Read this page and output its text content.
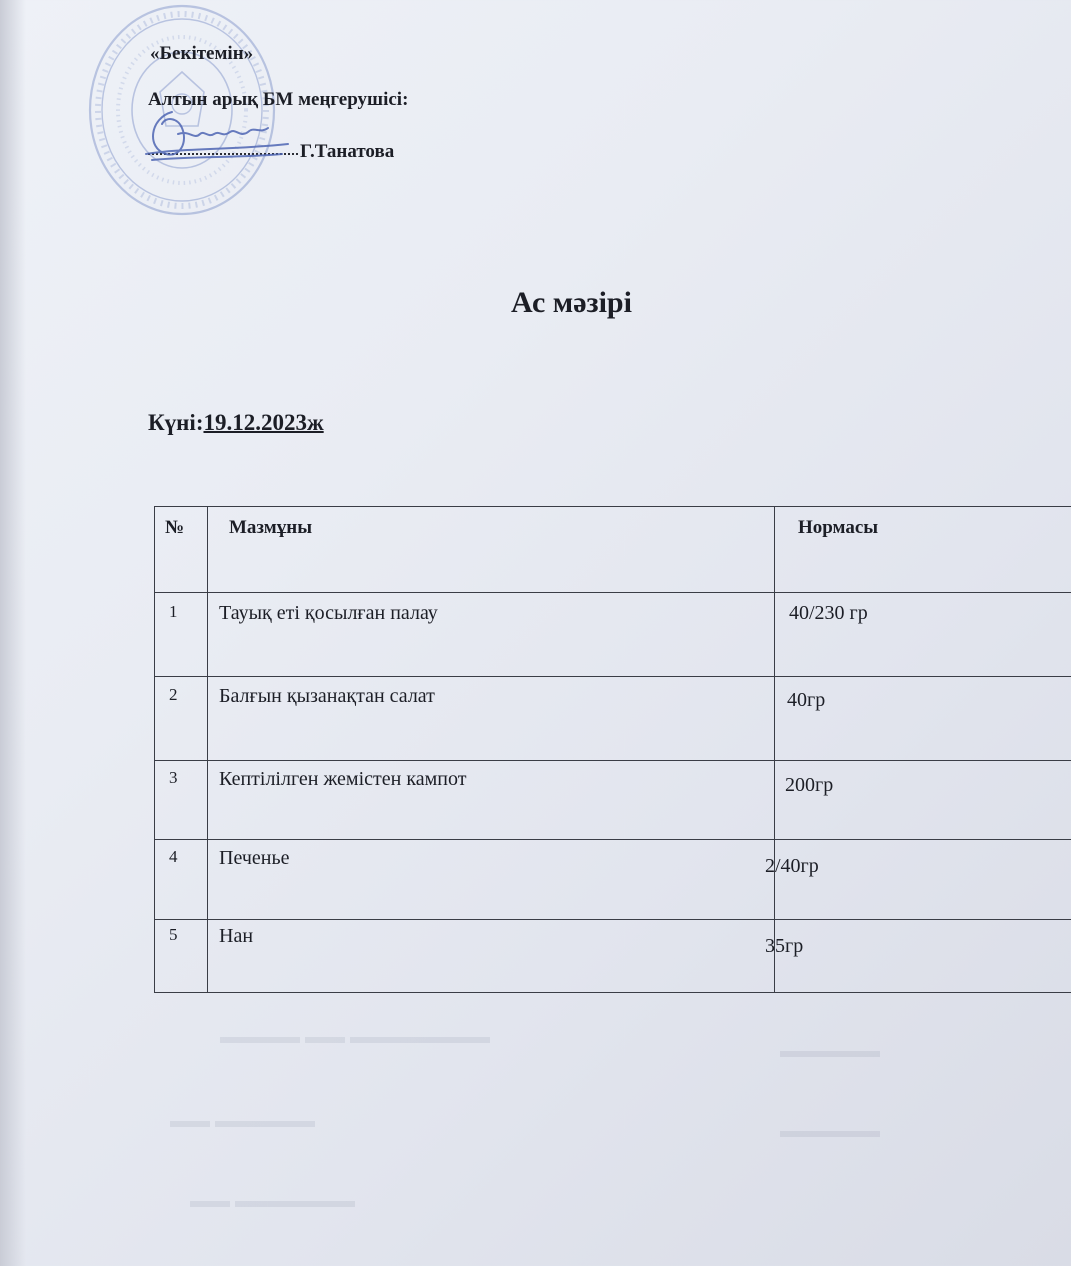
«Бекітемін»
Алтын арық БМ меңгерушісі:
Г.Танатова
Ас мәзірі
Күні:19.12.2023ж
▬▬▬▬ ▬▬ ▬▬▬▬▬▬▬
▬▬▬▬▬
▬▬ ▬▬▬▬▬	▬▬▬▬▬
▬▬ ▬▬▬▬▬▬
№ Мазмұны	Нормасы
1 Тауық еті қосылған палау	40/230 гр
2 Балғын қызанақтан салат	40гр
3 Кептілілген жемістен кампот	200гр
4 Печенье	2/40гр
5 Нан	35гр
